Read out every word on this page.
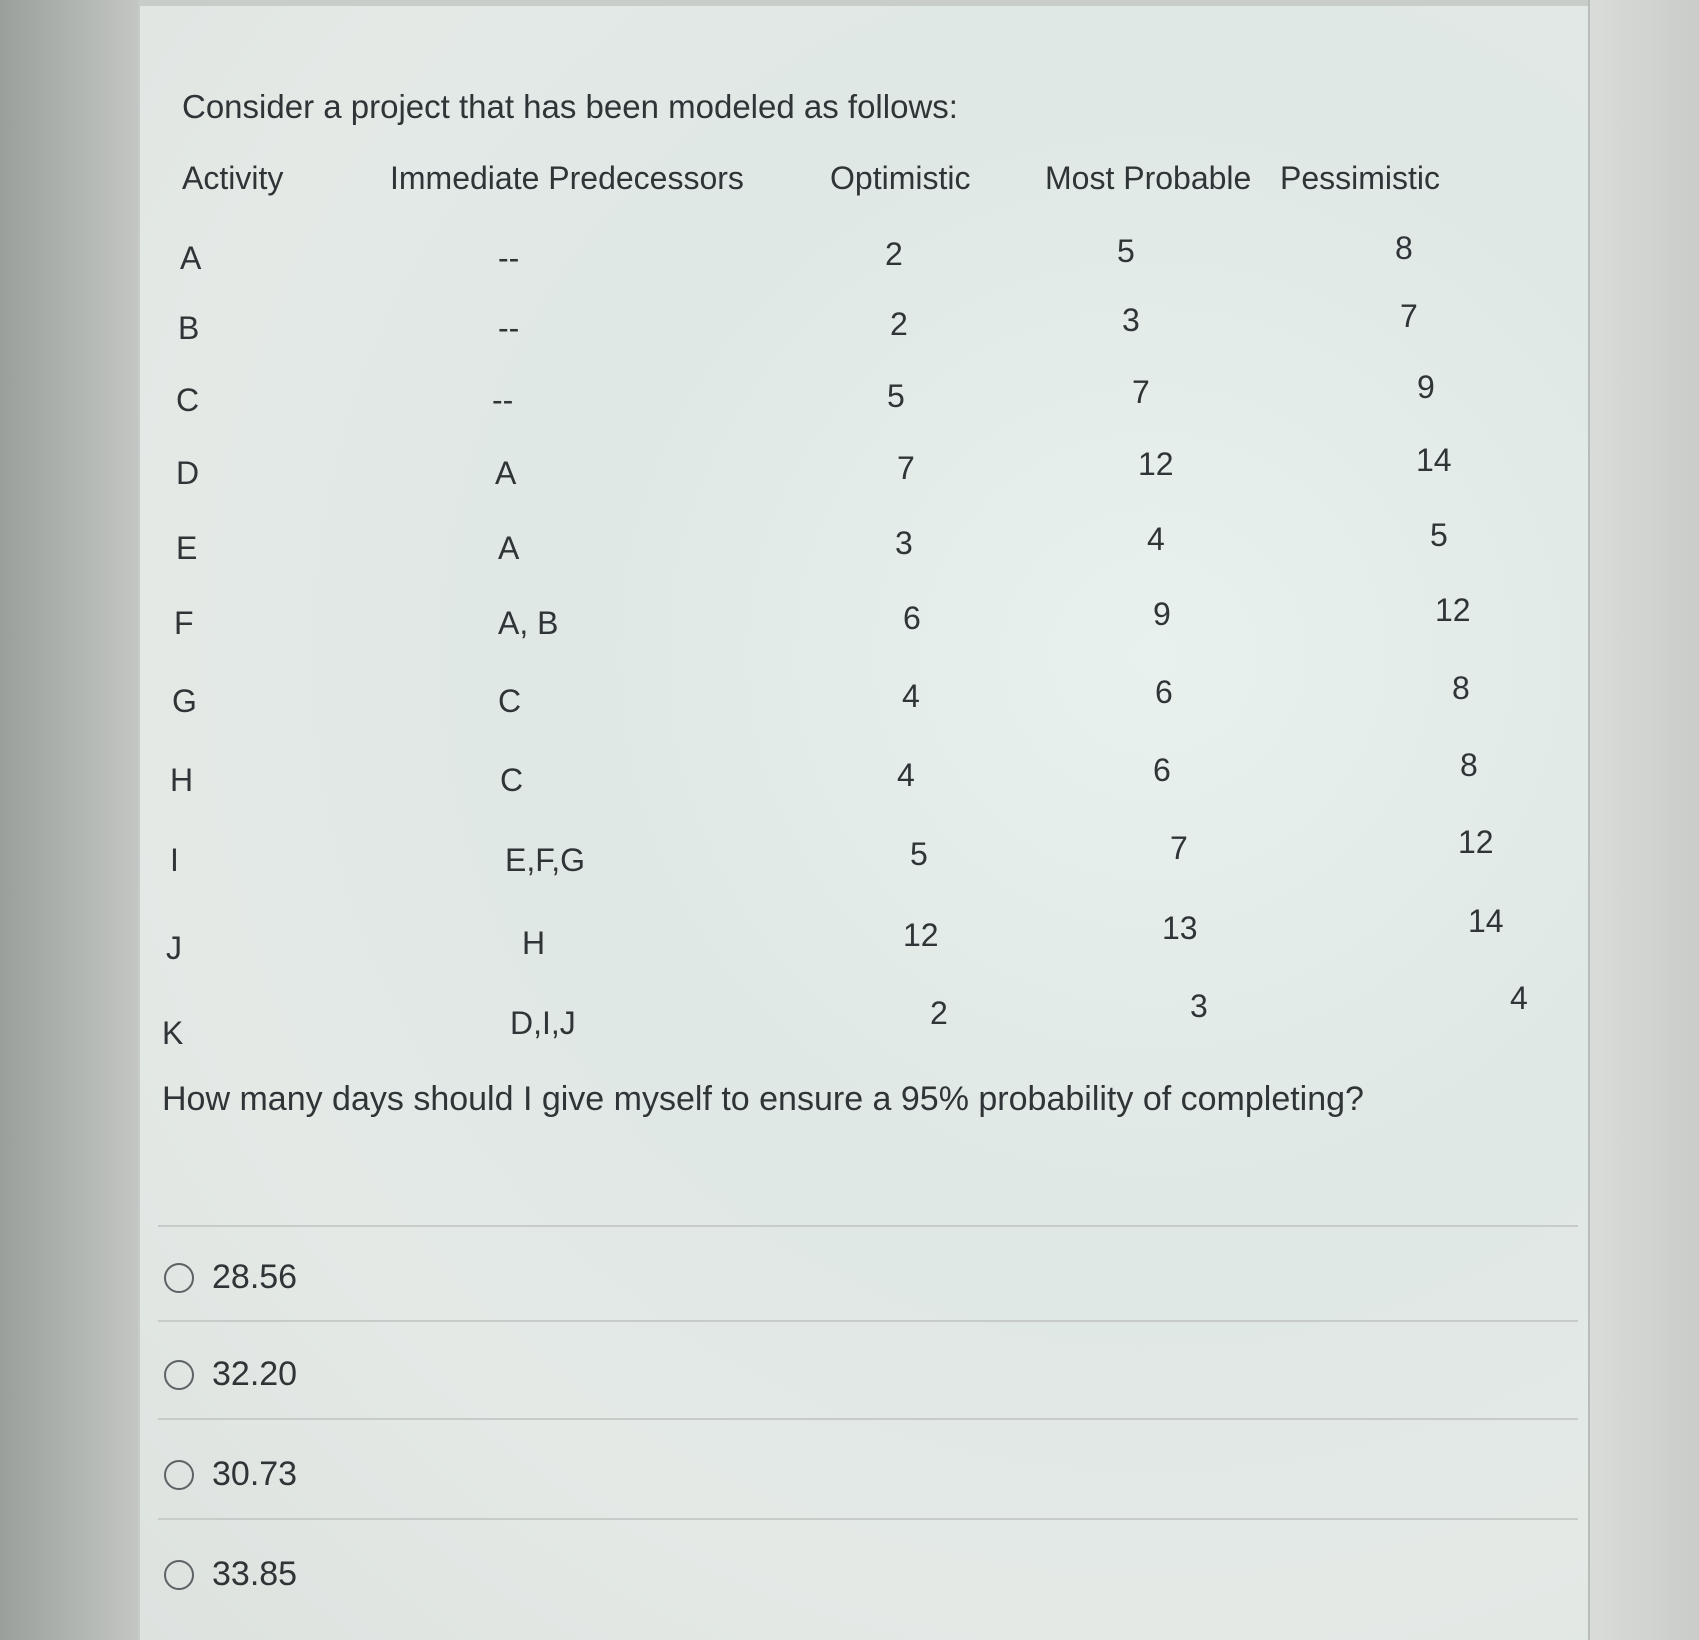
Consider a project that has been modeled as follows:
Activity	Immediate Predecessors	Optimistic Most Probable Pessimistic
A	--	2	5	8
B	--	2	3	7
C	--	5	7	9
D	A	7	12	14
E	A	3	4	5
F	A, B	6	9	12
G	C	4	6	8
H	C	4	6	8
I	E,F,G	5	7	12
J	H	12	13	14
K	D,I,J	2	3	4
How many days should I give myself to ensure a 95% probability of completing?
28.56
32.20
30.73
33.85
